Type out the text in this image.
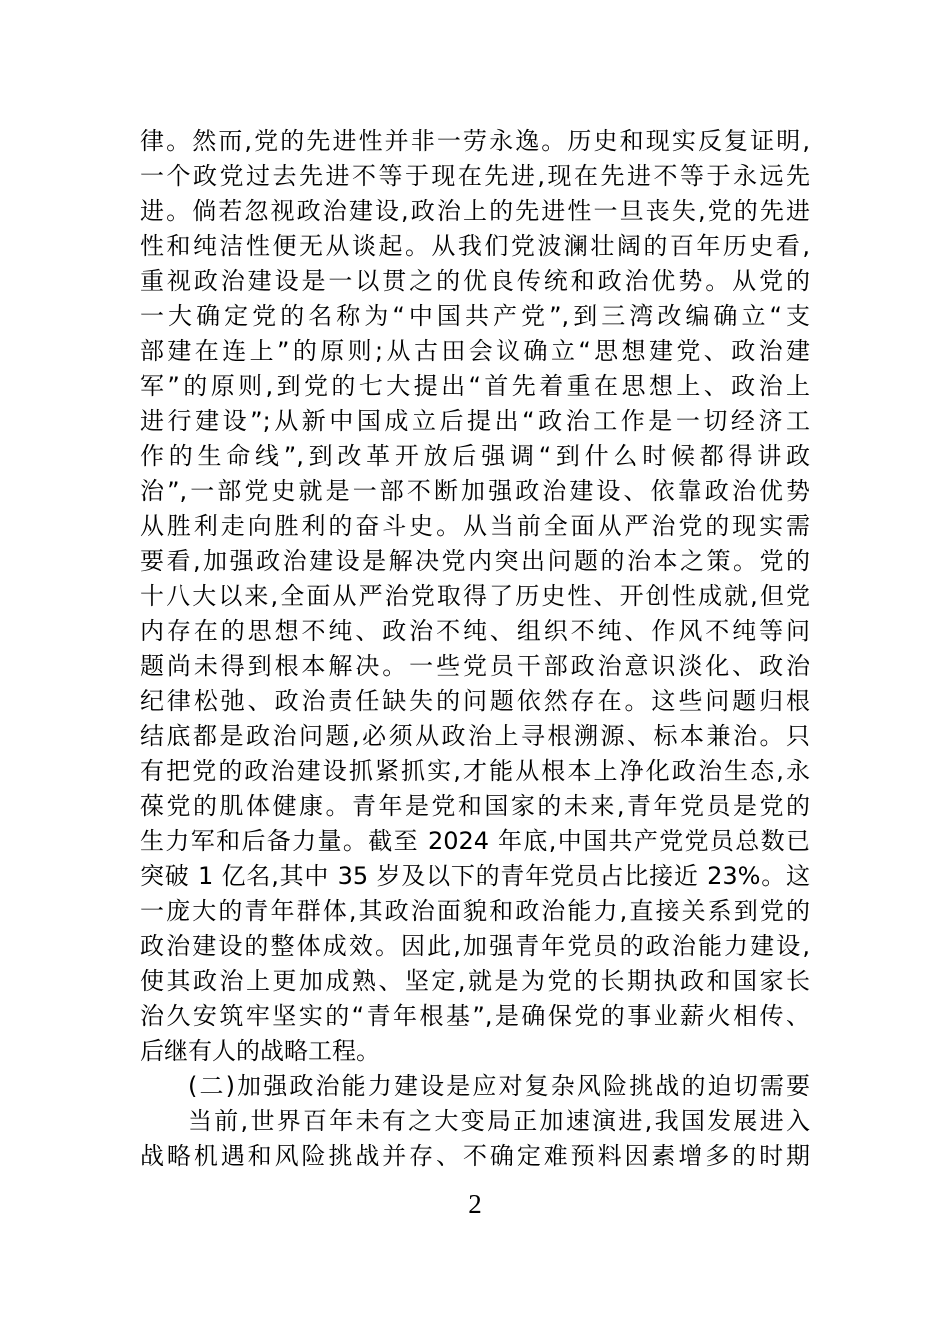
律。然而,党的先进性并非一劳永逸。历史和现实反复证明,
一个政党过去先进不等于现在先进,现在先进不等于永远先
进。倘若忽视政治建设,政治上的先进性一旦丧失,党的先进
性和纯洁性便无从谈起。从我们党波澜壮阔的百年历史看,
重视政治建设是一以贯之的优良传统和政治优势。从党的
一大确定党的名称为“中国共产党”,到三湾改编确立“支
部建在连上”的原则;从古田会议确立“思想建党、政治建
军”的原则,到党的七大提出“首先着重在思想上、政治上
进行建设”;从新中国成立后提出“政治工作是一切经济工
作的生命线”,到改革开放后强调“到什么时候都得讲政
治”,一部党史就是一部不断加强政治建设、依靠政治优势
从胜利走向胜利的奋斗史。从当前全面从严治党的现实需
要看,加强政治建设是解决党内突出问题的治本之策。党的
十八大以来,全面从严治党取得了历史性、开创性成就,但党
内存在的思想不纯、政治不纯、组织不纯、作风不纯等问
题尚未得到根本解决。一些党员干部政治意识淡化、政治
纪律松弛、政治责任缺失的问题依然存在。这些问题归根
结底都是政治问题,必须从政治上寻根溯源、标本兼治。只
有把党的政治建设抓紧抓实,才能从根本上净化政治生态,永
葆党的肌体健康。青年是党和国家的未来,青年党员是党的
生力军和后备力量。截至 2024 年底,中国共产党党员总数已
突破 1 亿名,其中 35 岁及以下的青年党员占比接近 23%。这
一庞大的青年群体,其政治面貌和政治能力,直接关系到党的
政治建设的整体成效。因此,加强青年党员的政治能力建设,
使其政治上更加成熟、坚定,就是为党的长期执政和国家长
治久安筑牢坚实的“青年根基”,是确保党的事业薪火相传、
后继有人的战略工程。
(二)加强政治能力建设是应对复杂风险挑战的迫切需要
当前,世界百年未有之大变局正加速演进,我国发展进入
战略机遇和风险挑战并存、不确定难预料因素增多的时期
2
